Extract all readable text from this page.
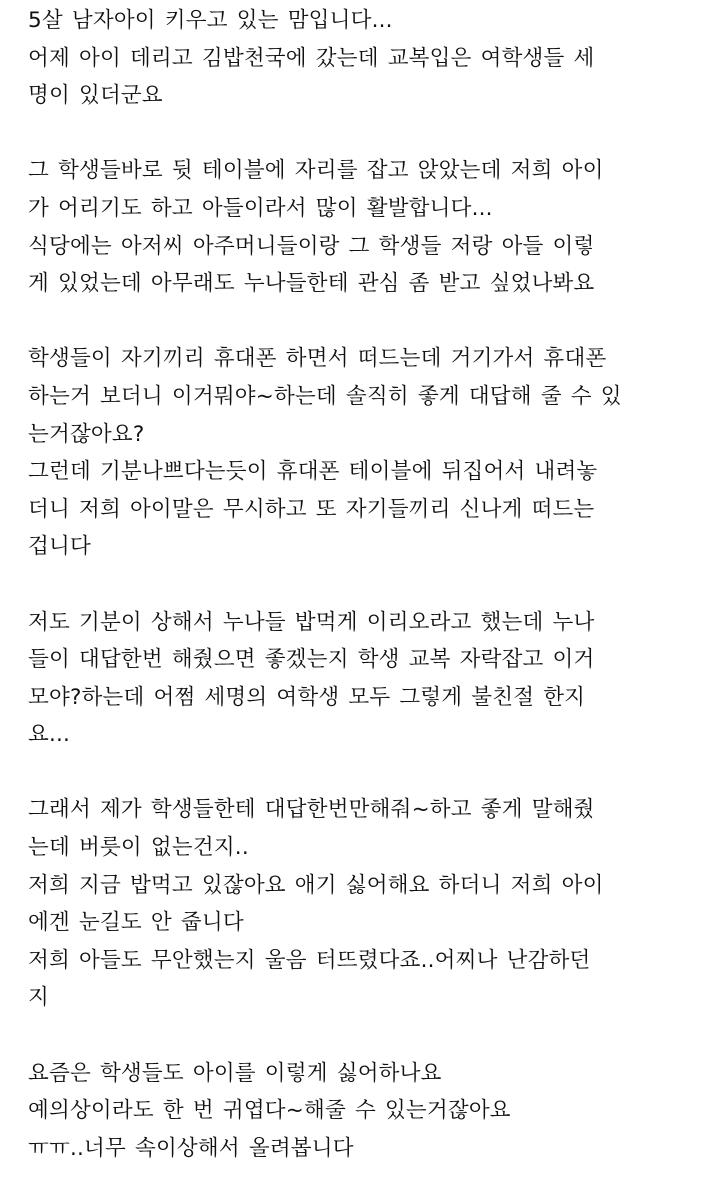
5살 남자아이 키우고 있는 맘입니다...
어제 아이 데리고 김밥천국에 갔는데 교복입은 여학생들 세
명이 있더군요
그 학생들바로 뒷 테이블에 자리를 잡고 앉았는데 저희 아이
가 어리기도 하고 아들이라서 많이 활발합니다...
식당에는 아저씨 아주머니들이랑 그 학생들 저랑 아들 이렇
게 있었는데 아무래도 누나들한테 관심 좀 받고 싶었나봐요
학생들이 자기끼리 휴대폰 하면서 떠드는데 거기가서 휴대폰
하는거 보더니 이거뭐야~하는데 솔직히 좋게 대답해 줄 수 있
는거잖아요?
그런데 기분나쁘다는듯이 휴대폰 테이블에 뒤집어서 내려놓
더니 저희 아이말은 무시하고 또 자기들끼리 신나게 떠드는
겁니다
저도 기분이 상해서 누나들 밥먹게 이리오라고 했는데 누나
들이 대답한번 해줬으면 좋겠는지 학생 교복 자락잡고 이거
모야?하는데 어쩜 세명의 여학생 모두 그렇게 불친절 한지
요...
그래서 제가 학생들한테 대답한번만해줘~하고 좋게 말해줬
는데 버릇이 없는건지..
저희 지금 밥먹고 있잖아요 애기 싫어해요 하더니 저희 아이
에겐 눈길도 안 줍니다
저희 아들도 무안했는지 울음 터뜨렸다죠..어찌나 난감하던
지
요즘은 학생들도 아이를 이렇게 싫어하나요
예의상이라도 한 번 귀엽다~해줄 수 있는거잖아요
ㅠㅠ..너무 속이상해서 올려봅니다
